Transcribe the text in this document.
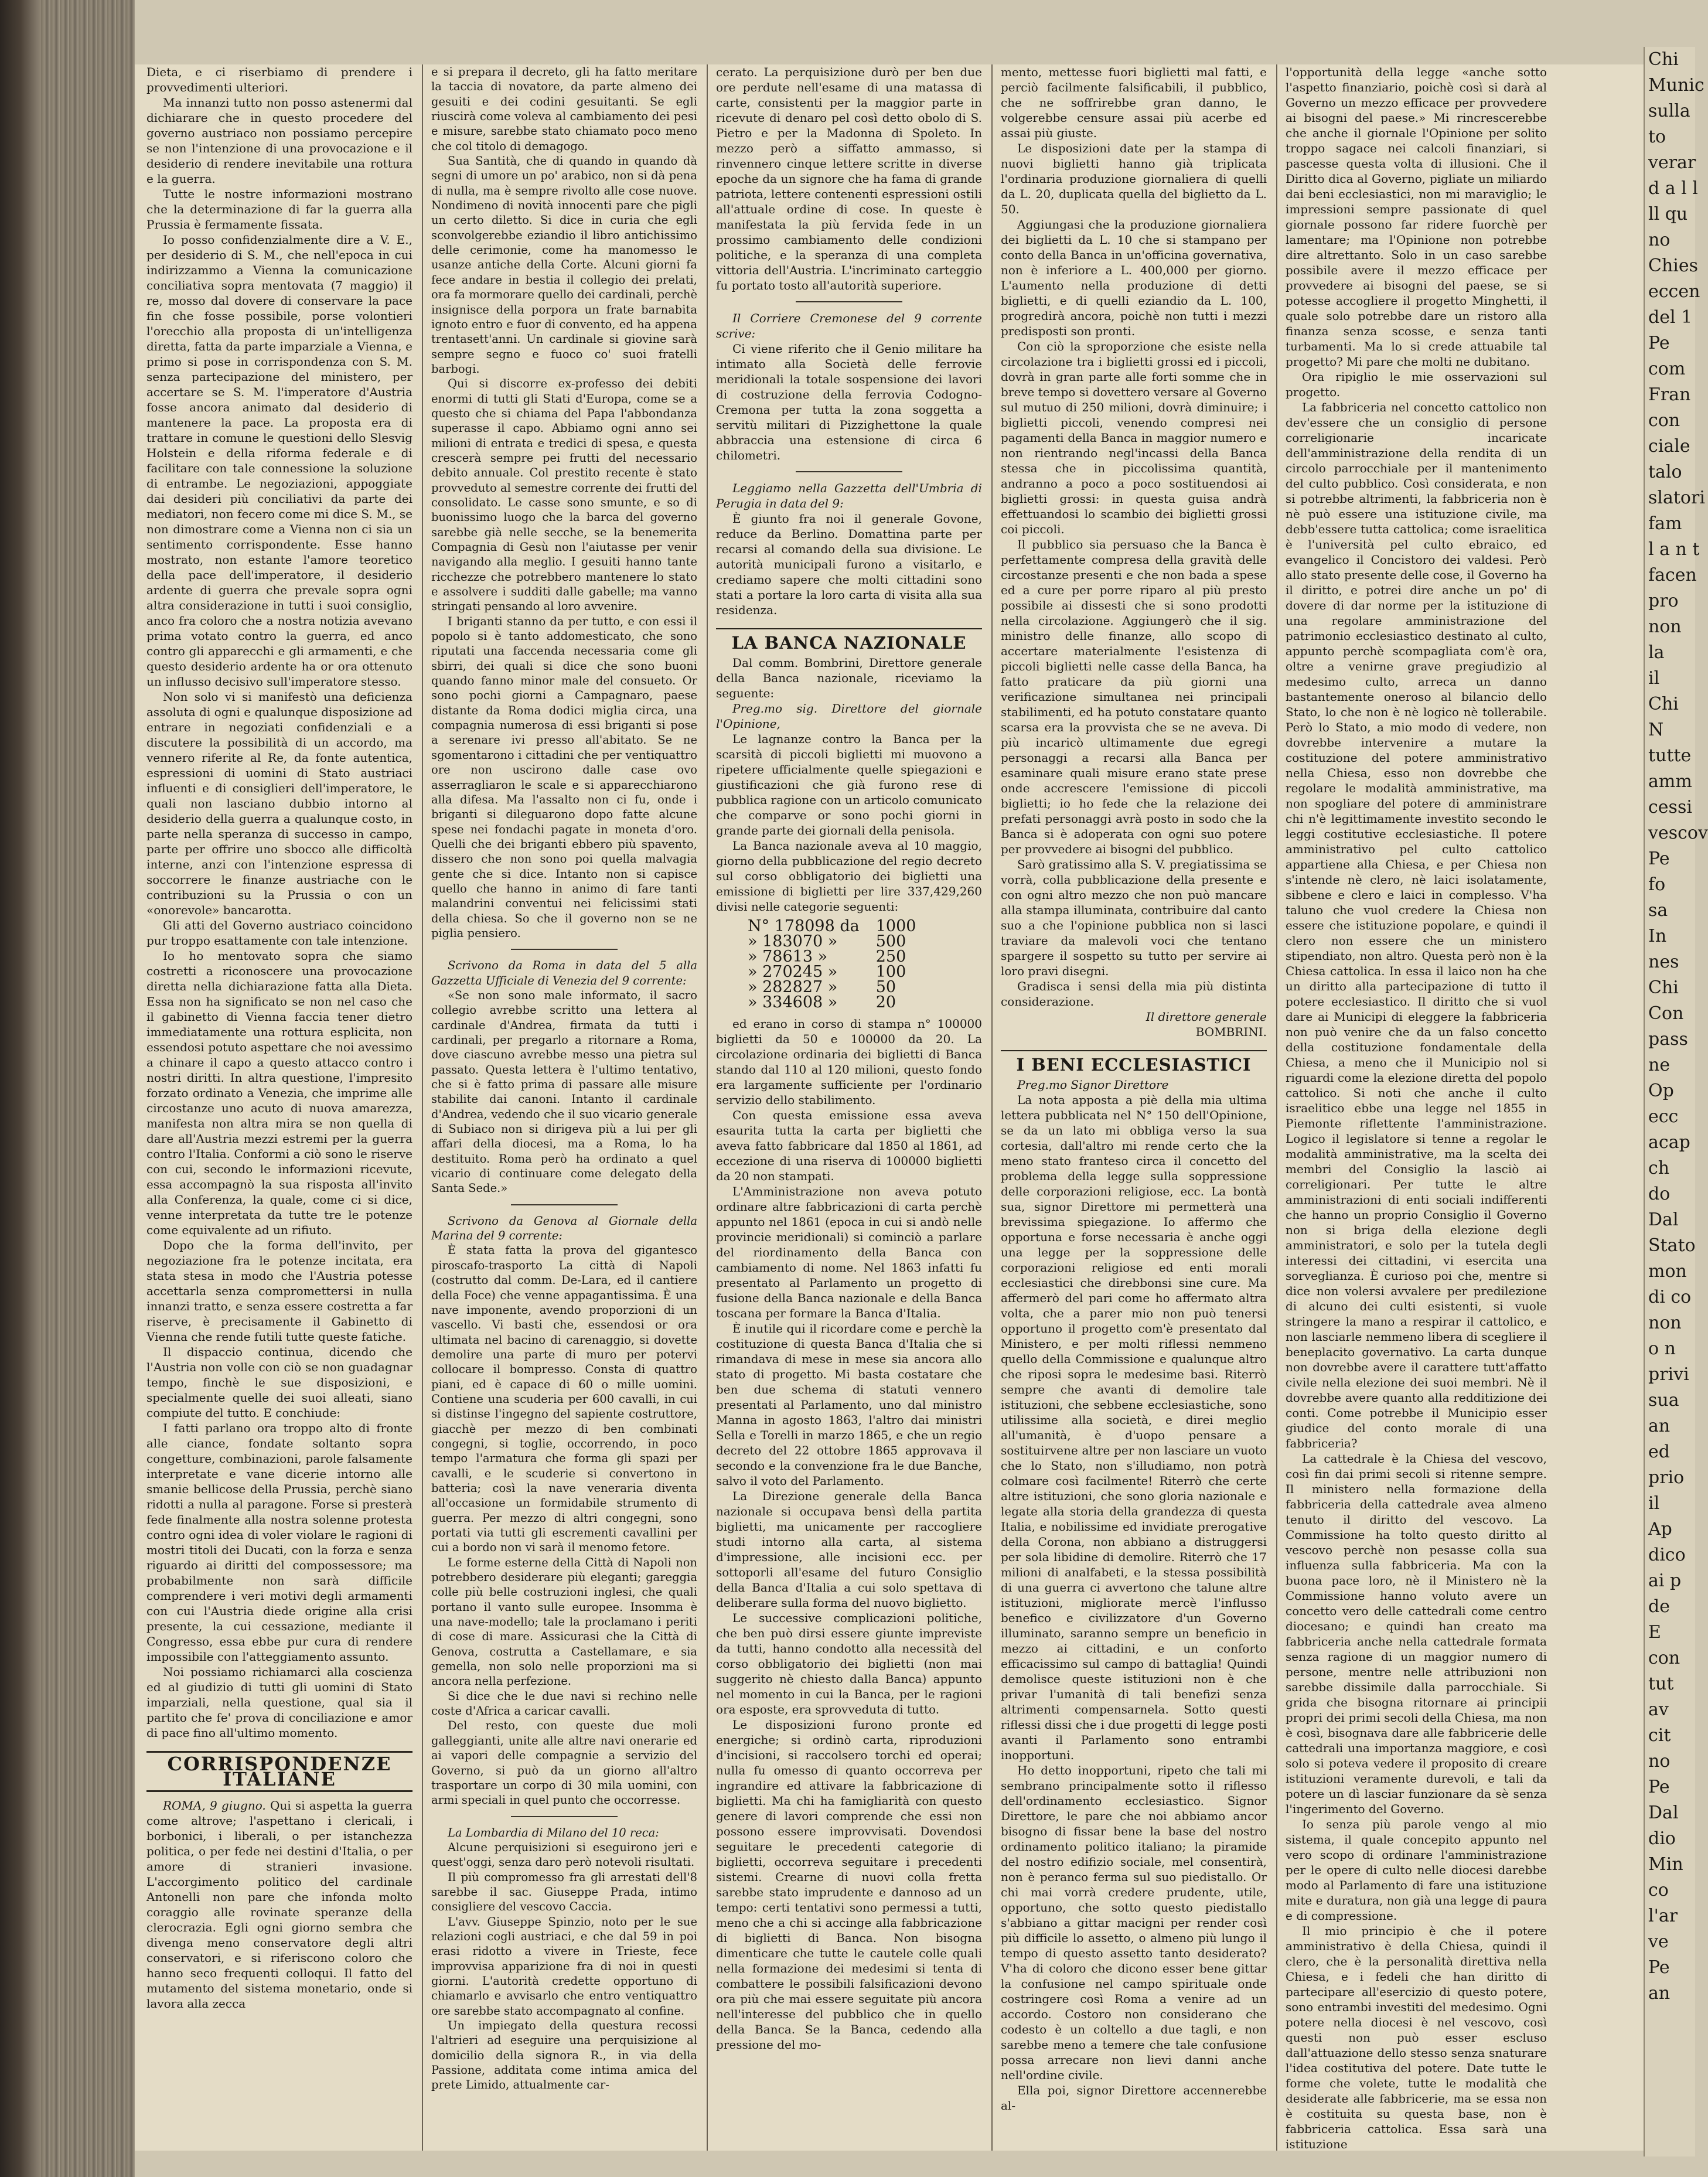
Dieta, e ci riserbiamo di prendere i provvedimenti ulteriori.

Ma innanzi tutto non posso astenermi dal dichiarare che in questo procedere del governo austriaco non possiamo percepire se non l'intenzione di una provocazione e il desiderio di rendere inevitabile una rottura e la guerra.

Tutte le nostre informazioni mostrano che la determinazione di far la guerra alla Prussia è fermamente fissata.

Io posso confidenzialmente dire a V. E., per desiderio di S. M., che nell'epoca in cui indirizzammo a Vienna la comunicazione conciliativa sopra mentovata (7 maggio) il re, mosso dal dovere di conservare la pace fin che fosse possibile, porse volontieri l'orecchio alla proposta di un'intelligenza diretta, fatta da parte imparziale a Vienna, e primo si pose in corrispondenza con S. M. senza partecipazione del ministero, per accertare se S. M. l'imperatore d'Austria fosse ancora animato dal desiderio di mantenere la pace. La proposta era di trattare in comune le questioni dello Slesvig Holstein e della riforma federale e di facilitare con tale connessione la soluzione di entrambe. Le negoziazioni, appoggiate dai desideri più conciliativi da parte dei mediatori, non fecero come mi dice S. M., se non dimostrare come a Vienna non ci sia un sentimento corrispondente. Esse hanno mostrato, non estante l'amore teoretico della pace dell'imperatore, il desiderio ardente di guerra che prevale sopra ogni altra considerazione in tutti i suoi consiglio, anco fra coloro che a nostra notizia avevano prima votato contro la guerra, ed anco contro gli apparecchi e gli armamenti, e che questo desiderio ardente ha or ora ottenuto un influsso decisivo sull'imperatore stesso.

Non solo vi si manifestò una deficienza assoluta di ogni e qualunque disposizione ad entrare in negoziati confidenziali e a discutere la possibilità di un accordo, ma vennero riferite al Re, da fonte autentica, espressioni di uomini di Stato austriaci influenti e di consiglieri dell'imperatore, le quali non lasciano dubbio intorno al desiderio della guerra a qualunque costo, in parte nella speranza di successo in campo, parte per offrire uno sbocco alle difficoltà interne, anzi con l'intenzione espressa di soccorrere le finanze austriache con le contribuzioni su la Prussia o con un «onorevole» bancarotta.

Gli atti del Governo austriaco coincidono pur troppo esattamente con tale intenzione.

Io ho mentovato sopra che siamo costretti a riconoscere una provocazione diretta nella dichiarazione fatta alla Dieta. Essa non ha significato se non nel caso che il gabinetto di Vienna faccia tener dietro immediatamente una rottura esplicita, non essendosi potuto aspettare che noi avessimo a chinare il capo a questo attacco contro i nostri diritti. In altra questione, l'impresito forzato ordinato a Venezia, che imprime alle circostanze uno acuto di nuova amarezza, manifesta non altra mira se non quella di dare all'Austria mezzi estremi per la guerra contro l'Italia. Conformi a ciò sono le riserve con cui, secondo le informazioni ricevute, essa accompagnò la sua risposta all'invito alla Conferenza, la quale, come ci si dice, venne interpretata da tutte tre le potenze come equivalente ad un rifiuto.

Dopo che la forma dell'invito, per negoziazione fra le potenze incitata, era stata stesa in modo che l'Austria potesse accettarla senza compromettersi in nulla innanzi tratto, e senza essere costretta a far riserve, è precisamente il Gabinetto di Vienna che rende futili tutte queste fatiche.

Il dispaccio continua, dicendo che l'Austria non volle con ciò se non guadagnar tempo, finchè le sue disposizioni, e specialmente quelle dei suoi alleati, siano compiute del tutto. E conchiude:

I fatti parlano ora troppo alto di fronte alle ciance, fondate soltanto sopra congetture, combinazioni, parole falsamente interpretate e vane dicerie intorno alle smanie bellicose della Prussia, perchè siano ridotti a nulla al paragone. Forse si presterà fede finalmente alla nostra solenne protesta contro ogni idea di voler violare le ragioni di mostri titoli dei Ducati, con la forza e senza riguardo ai diritti del compossessore; ma probabilmente non sarà difficile comprendere i veri motivi degli armamenti con cui l'Austria diede origine alla crisi presente, la cui cessazione, mediante il Congresso, essa ebbe pur cura di rendere impossibile con l'atteggiamento assunto.

Noi possiamo richiamarci alla coscienza ed al giudizio di tutti gli uomini di Stato imparziali, nella questione, qual sia il partito che fe' prova di conciliazione e amor di pace fino all'ultimo momento.

CORRISPONDENZE ITALIANE

ROMA, 9 giugno. Qui si aspetta la guerra come altrove; l'aspettano i clericali, i borbonici, i liberali, o per istanchezza politica, o per fede nei destini d'Italia, o per amore di stranieri invasione. L'accorgimento politico del cardinale Antonelli non pare che infonda molto coraggio alle rovinate speranze della clerocrazia. Egli ogni giorno sembra che divenga meno conservatore degli altri conservatori, e si riferiscono coloro che hanno seco frequenti colloqui. Il fatto del mutamento del sistema monetario, onde si lavora alla zecca

e si prepara il decreto, gli ha fatto meritare la taccia di novatore, da parte almeno dei gesuiti e dei codini gesuitanti. Se egli riuscirà come voleva al cambiamento dei pesi e misure, sarebbe stato chiamato poco meno che col titolo di demagogo.

Sua Santità, che di quando in quando dà segni di umore un po' arabico, non si dà pena di nulla, ma è sempre rivolto alle cose nuove. Nondimeno di novità innocenti pare che pigli un certo diletto. Si dice in curia che egli sconvolgerebbe eziandio il libro antichissimo delle cerimonie, come ha manomesso le usanze antiche della Corte. Alcuni giorni fa fece andare in bestia il collegio dei prelati, ora fa mormorare quello dei cardinali, perchè insignisce della porpora un frate barnabita ignoto entro e fuor di convento, ed ha appena trentasett'anni. Un cardinale si giovine sarà sempre segno e fuoco co' suoi fratelli barbogi.

Qui si discorre ex-professo dei debiti enormi di tutti gli Stati d'Europa, come se a questo che si chiama del Papa l'abbondanza superasse il capo. Abbiamo ogni anno sei milioni di entrata e tredici di spesa, e questa crescerà sempre pei frutti del necessario debito annuale. Col prestito recente è stato provveduto al semestre corrente dei frutti del consolidato. Le casse sono smunte, e so di buonissimo luogo che la barca del governo sarebbe già nelle secche, se la benemerita Compagnia di Gesù non l'aiutasse per venir navigando alla meglio. I gesuiti hanno tante ricchezze che potrebbero mantenere lo stato e assolvere i sudditi dalle gabelle; ma vanno stringati pensando al loro avvenire.

I briganti stanno da per tutto, e con essi il popolo si è tanto addomesticato, che sono riputati una faccenda necessaria come gli sbirri, dei quali si dice che sono buoni quando fanno minor male del consueto. Or sono pochi giorni a Campagnaro, paese distante da Roma dodici miglia circa, una compagnia numerosa di essi briganti si pose a serenare ivi presso all'abitato. Se ne sgomentarono i cittadini che per ventiquattro ore non uscirono dalle case ovo asserragliaron le scale e si apparecchiarono alla difesa. Ma l'assalto non ci fu, onde i briganti si dileguarono dopo fatte alcune spese nei fondachi pagate in moneta d'oro. Quelli che dei briganti ebbero più spavento, dissero che non sono poi quella malvagia gente che si dice. Intanto non si capisce quello che hanno in animo di fare tanti malandrini conventui nei felicissimi stati della chiesa. So che il governo non se ne piglia pensiero.

Scrivono da Roma in data del 5 alla Gazzetta Ufficiale di Venezia del 9 corrente:

«Se non sono male informato, il sacro collegio avrebbe scritto una lettera al cardinale d'Andrea, firmata da tutti i cardinali, per pregarlo a ritornare a Roma, dove ciascuno avrebbe messo una pietra sul passato. Questa lettera è l'ultimo tentativo, che si è fatto prima di passare alle misure stabilite dai canoni. Intanto il cardinale d'Andrea, vedendo che il suo vicario generale di Subiaco non si dirigeva più a lui per gli affari della diocesi, ma a Roma, lo ha destituito. Roma però ha ordinato a quel vicario di continuare come delegato della Santa Sede.»

Scrivono da Genova al Giornale della Marina del 9 corrente:

È stata fatta la prova del gigantesco piroscafo-trasporto La città di Napoli (costrutto dal comm. De-Lara, ed il cantiere della Foce) che venne appagantissima. È una nave imponente, avendo proporzioni di un vascello. Vi basti che, essendosi or ora ultimata nel bacino di carenaggio, si dovette demolire una parte di muro per potervi collocare il bompresso. Consta di quattro piani, ed è capace di 60 o mille uomini. Contiene una scuderia per 600 cavalli, in cui si distinse l'ingegno del sapiente costruttore, giacchè per mezzo di ben combinati congegni, si toglie, occorrendo, in poco tempo l'armatura che forma gli spazi per cavalli, e le scuderie si convertono in batteria; così la nave veneraria diventa all'occasione un formidabile strumento di guerra. Per mezzo di altri congegni, sono portati via tutti gli escrementi cavallini per cui a bordo non vi sarà il menomo fetore.

Le forme esterne della Città di Napoli non potrebbero desiderare più eleganti; gareggia colle più belle costruzioni inglesi, che quali portano il vanto sulle europee. Insomma è una nave-modello; tale la proclamano i periti di cose di mare. Assicurasi che la Città di Genova, costrutta a Castellamare, e sia gemella, non solo nelle proporzioni ma si ancora nella perfezione.

Si dice che le due navi si rechino nelle coste d'Africa a caricar cavalli.

Del resto, con queste due moli galleggianti, unite alle altre navi onerarie ed ai vapori delle compagnie a servizio del Governo, si può da un giorno all'altro trasportare un corpo di 30 mila uomini, con armi speciali in quel punto che occorresse.

La Lombardia di Milano del 10 reca:

Alcune perquisizioni si eseguirono jeri e quest'oggi, senza daro però notevoli risultati.

Il più compromesso fra gli arrestati dell'8 sarebbe il sac. Giuseppe Prada, intimo consigliere del vescovo Caccia.

L'avv. Giuseppe Spinzio, noto per le sue relazioni cogli austriaci, e che dal 59 in poi erasi ridotto a vivere in Trieste, fece improvvisa apparizione fra di noi in questi giorni. L'autorità credette opportuno di chiamarlo e avvisarlo che entro ventiquattro ore sarebbe stato accompagnato al confine.

Un impiegato della questura recossi l'altrieri ad eseguire una perquisizione al domicilio della signora R., in via della Passione, additata come intima amica del prete Limido, attualmente car-

cerato. La perquisizione durò per ben due ore perdute nell'esame di una matassa di carte, consistenti per la maggior parte in ricevute di denaro pel così detto obolo di S. Pietro e per la Madonna di Spoleto. In mezzo però a siffatto ammasso, si rinvennero cinque lettere scritte in diverse epoche da un signore che ha fama di grande patriota, lettere contenenti espressioni ostili all'attuale ordine di cose. In queste è manifestata la più fervida fede in un prossimo cambiamento delle condizioni politiche, e la speranza di una completa vittoria dell'Austria. L'incriminato carteggio fu portato tosto all'autorità superiore.

Il Corriere Cremonese del 9 corrente scrive:

Ci viene riferito che il Genio militare ha intimato alla Società delle ferrovie meridionali la totale sospensione dei lavori di costruzione della ferrovia Codogno-Cremona per tutta la zona soggetta a servitù militari di Pizzighettone la quale abbraccia una estensione di circa 6 chilometri.

Leggiamo nella Gazzetta dell'Umbria di Perugia in data del 9:

È giunto fra noi il generale Govone, reduce da Berlino. Domattina parte per recarsi al comando della sua divisione. Le autorità municipali furono a visitarlo, e crediamo sapere che molti cittadini sono stati a portare la loro carta di visita alla sua residenza.

LA BANCA NAZIONALE

Dal comm. Bombrini, Direttore generale della Banca nazionale, riceviamo la seguente:

Preg.mo sig. Direttore del giornale l'Opinione,

Le lagnanze contro la Banca per la scarsità di piccoli biglietti mi muovono a ripetere ufficialmente quelle spiegazioni e giustificazioni che già furono rese di pubblica ragione con un articolo comunicato che comparve or sono pochi giorni in grande parte dei giornali della penisola.

La Banca nazionale aveva al 10 maggio, giorno della pubblicazione del regio decreto sul corso obbligatorio dei biglietti una emissione di biglietti per lire 337,429,260 divisi nelle categorie seguenti:

N° 178098 da	1000
» 183070 »	500
» 78613 »	250
» 270245 »	100
» 282827 »	50
» 334608 »	20

ed erano in corso di stampa n° 100000 biglietti da 50 e 100000 da 20. La circolazione ordinaria dei biglietti di Banca stando dal 110 al 120 milioni, questo fondo era largamente sufficiente per l'ordinario servizio dello stabilimento.

Con questa emissione essa aveva esaurita tutta la carta per biglietti che aveva fatto fabbricare dal 1850 al 1861, ad eccezione di una riserva di 100000 biglietti da 20 non stampati.

L'Amministrazione non aveva potuto ordinare altre fabbricazioni di carta perchè appunto nel 1861 (epoca in cui si andò nelle provincie meridionali) si cominciò a parlare del riordinamento della Banca con cambiamento di nome. Nel 1863 infatti fu presentato al Parlamento un progetto di fusione della Banca nazionale e della Banca toscana per formare la Banca d'Italia.

È inutile qui il ricordare come e perchè la costituzione di questa Banca d'Italia che si rimandava di mese in mese sia ancora allo stato di progetto. Mi basta costatare che ben due schema di statuti vennero presentati al Parlamento, uno dal ministro Manna in agosto 1863, l'altro dai ministri Sella e Torelli in marzo 1865, e che un regio decreto del 22 ottobre 1865 approvava il secondo e la convenzione fra le due Banche, salvo il voto del Parlamento.

La Direzione generale della Banca nazionale si occupava bensì della partita biglietti, ma unicamente per raccogliere studi intorno alla carta, al sistema d'impressione, alle incisioni ecc. per sottoporli all'esame del futuro Consiglio della Banca d'Italia a cui solo spettava di deliberare sulla forma del nuovo biglietto.

Le successive complicazioni politiche, che ben può dirsi essere giunte impreviste da tutti, hanno condotto alla necessità del corso obbligatorio dei biglietti (non mai suggerito nè chiesto dalla Banca) appunto nel momento in cui la Banca, per le ragioni ora esposte, era sprovveduta di tutto.

Le disposizioni furono pronte ed energiche; si ordinò carta, riproduzioni d'incisioni, si raccolsero torchi ed operai; nulla fu omesso di quanto occorreva per ingrandire ed attivare la fabbricazione di biglietti. Ma chi ha famigliarità con questo genere di lavori comprende che essi non possono essere improvvisati. Dovendosi seguitare le precedenti categorie di biglietti, occorreva seguitare i precedenti sistemi. Crearne di nuovi colla fretta sarebbe stato imprudente e dannoso ad un tempo: certi tentativi sono permessi a tutti, meno che a chi si accinge alla fabbricazione di biglietti di Banca. Non bisogna dimenticare che tutte le cautele colle quali nella formazione dei medesimi si tenta di combattere le possibili falsificazioni devono ora più che mai essere seguitate più ancora nell'interesse del pubblico che in quello della Banca. Se la Banca, cedendo alla pressione del mo-

mento, mettesse fuori biglietti mal fatti, e perciò facilmente falsificabili, il pubblico, che ne soffrirebbe gran danno, le volgerebbe censure assai più acerbe ed assai più giuste.

Le disposizioni date per la stampa di nuovi biglietti hanno già triplicata l'ordinaria produzione giornaliera di quelli da L. 20, duplicata quella del biglietto da L. 50.

Aggiungasi che la produzione giornaliera dei biglietti da L. 10 che si stampano per conto della Banca in un'officina governativa, non è inferiore a L. 400,000 per giorno. L'aumento nella produzione di detti biglietti, e di quelli eziandio da L. 100, progredirà ancora, poichè non tutti i mezzi predisposti son pronti.

Con ciò la sproporzione che esiste nella circolazione tra i biglietti grossi ed i piccoli, dovrà in gran parte alle forti somme che in breve tempo si dovettero versare al Governo sul mutuo di 250 milioni, dovrà diminuire; i biglietti piccoli, venendo compresi nei pagamenti della Banca in maggior numero e non rientrando negl'incassi della Banca stessa che in piccolissima quantità, andranno a poco a poco sostituendosi ai biglietti grossi: in questa guisa andrà effettuandosi lo scambio dei biglietti grossi coi piccoli.

Il pubblico sia persuaso che la Banca è perfettamente compresa della gravità delle circostanze presenti e che non bada a spese ed a cure per porre riparo al più presto possibile ai dissesti che si sono prodotti nella circolazione. Aggiungerò che il sig. ministro delle finanze, allo scopo di accertare materialmente l'esistenza di piccoli biglietti nelle casse della Banca, ha fatto praticare da più giorni una verificazione simultanea nei principali stabilimenti, ed ha potuto constatare quanto scarsa era la provvista che se ne aveva. Di più incaricò ultimamente due egregi personaggi a recarsi alla Banca per esaminare quali misure erano state prese onde accrescere l'emissione di piccoli biglietti; io ho fede che la relazione dei prefati personaggi avrà posto in sodo che la Banca si è adoperata con ogni suo potere per provvedere ai bisogni del pubblico.

Sarò gratissimo alla S. V. pregiatissima se vorrà, colla pubblicazione della presente e con ogni altro mezzo che non può mancare alla stampa illuminata, contribuire dal canto suo a che l'opinione pubblica non si lasci traviare da malevoli voci che tentano spargere il sospetto su tutto per servire ai loro pravi disegni.

Gradisca i sensi della mia più distinta considerazione.

Il direttore generale

BOMBRINI.

I BENI ECCLESIASTICI

Preg.mo Signor Direttore

La nota apposta a piè della mia ultima lettera pubblicata nel N° 150 dell'Opinione, se da un lato mi obbliga verso la sua cortesia, dall'altro mi rende certo che la meno stato franteso circa il concetto del problema della legge sulla soppressione delle corporazioni religiose, ecc. La bontà sua, signor Direttore mi permetterà una brevissima spiegazione. Io affermo che opportuna e forse necessaria è anche oggi una legge per la soppressione delle corporazioni religiose ed enti morali ecclesiastici che direbbonsi sine cure. Ma affermerò del pari come ho affermato altra volta, che a parer mio non può tenersi opportuno il progetto com'è presentato dal Ministero, e per molti riflessi nemmeno quello della Commissione e qualunque altro che riposi sopra le medesime basi. Riterrò sempre che avanti di demolire tale istituzioni, che sebbene ecclesiastiche, sono utilissime alla società, e direi meglio all'umanità, è d'uopo pensare a sostituirvene altre per non lasciare un vuoto che lo Stato, non s'illudiamo, non potrà colmare così facilmente! Riterrò che certe altre istituzioni, che sono gloria nazionale e legate alla storia della grandezza di questa Italia, e nobilissime ed invidiate prerogative della Corona, non abbiano a distruggersi per sola libidine di demolire. Riterrò che 17 milioni di analfabeti, e la stessa possibilità di una guerra ci avvertono che talune altre istituzioni, migliorate mercè l'influsso benefico e civilizzatore d'un Governo illuminato, saranno sempre un beneficio in mezzo ai cittadini, e un conforto efficacissimo sul campo di battaglia! Quindi demolisce queste istituzioni non è che privar l'umanità di tali benefizi senza altrimenti compensarnela. Sotto questi riflessi dissi che i due progetti di legge posti avanti il Parlamento sono entrambi inopportuni.

Ho detto inopportuni, ripeto che tali mi sembrano principalmente sotto il riflesso dell'ordinamento ecclesiastico. Signor Direttore, le pare che noi abbiamo ancor bisogno di fissar bene la base del nostro ordinamento politico italiano; la piramide del nostro edifizio sociale, mel consentirà, non è peranco ferma sul suo piedistallo. Or chi mai vorrà credere prudente, utile, opportuno, che sotto questo piedistallo s'abbiano a gittar macigni per render così più difficile lo assetto, o almeno più lungo il tempo di questo assetto tanto desiderato? V'ha di coloro che dicono esser bene gittar la confusione nel campo spirituale onde costringere così Roma a venire ad un accordo. Costoro non considerano che codesto è un coltello a due tagli, e non sarebbe meno a temere che tale confusione possa arrecare non lievi danni anche nell'ordine civile.

Ella poi, signor Direttore accennerebbe al-

l'opportunità della legge «anche sotto l'aspetto finanziario, poichè così si darà al Governo un mezzo efficace per provvedere ai bisogni del paese.» Mi rincrescerebbe che anche il giornale l'Opinione per solito troppo sagace nei calcoli finanziari, si pascesse questa volta di illusioni. Che il Diritto dica al Governo, pigliate un miliardo dai beni ecclesiastici, non mi maraviglio; le impressioni sempre passionate di quel giornale possono far ridere fuorchè per lamentare; ma l'Opinione non potrebbe dire altrettanto. Solo in un caso sarebbe possibile avere il mezzo efficace per provvedere ai bisogni del paese, se si potesse accogliere il progetto Minghetti, il quale solo potrebbe dare un ristoro alla finanza senza scosse, e senza tanti turbamenti. Ma lo si crede attuabile tal progetto? Mi pare che molti ne dubitano.

Ora ripiglio le mie osservazioni sul progetto.

La fabbriceria nel concetto cattolico non dev'essere che un consiglio di persone correligionarie incaricate dell'amministrazione della rendita di un circolo parrocchiale per il mantenimento del culto pubblico. Così considerata, e non si potrebbe altrimenti, la fabbriceria non è nè può essere una istituzione civile, ma debb'essere tutta cattolica; come israelitica è l'università pel culto ebraico, ed evangelico il Concistoro dei valdesi. Però allo stato presente delle cose, il Governo ha il diritto, e potrei dire anche un po' di dovere di dar norme per la istituzione di una regolare amministrazione del patrimonio ecclesiastico destinato al culto, appunto perchè scompagliata com'è ora, oltre a venirne grave pregiudizio al medesimo culto, arreca un danno bastantemente oneroso al bilancio dello Stato, lo che non è nè logico nè tollerabile. Però lo Stato, a mio modo di vedere, non dovrebbe intervenire a mutare la costituzione del potere amministrativo nella Chiesa, esso non dovrebbe che regolare le modalità amministrative, ma non spogliare del potere di amministrare chi n'è legittimamente investito secondo le leggi costitutive ecclesiastiche. Il potere amministrativo pel culto cattolico appartiene alla Chiesa, e per Chiesa non s'intende nè clero, nè laici isolatamente, sibbene e clero e laici in complesso. V'ha taluno che vuol credere la Chiesa non essere che istituzione popolare, e quindi il clero non essere che un ministero stipendiato, non altro. Questa però non è la Chiesa cattolica. In essa il laico non ha che un diritto alla partecipazione di tutto il potere ecclesiastico. Il diritto che si vuol dare ai Municipi di eleggere la fabbriceria non può venire che da un falso concetto della costituzione fondamentale della Chiesa, a meno che il Municipio nol si riguardi come la elezione diretta del popolo cattolico. Si noti che anche il culto israelitico ebbe una legge nel 1855 in Piemonte riflettente l'amministrazione. Logico il legislatore si tenne a regolar le modalità amministrative, ma la scelta dei membri del Consiglio la lasciò ai correligionari. Per tutte le altre amministrazioni di enti sociali indifferenti che hanno un proprio Consiglio il Governo non si briga della elezione degli amministratori, e solo per la tutela degli interessi dei cittadini, vi esercita una sorveglianza. È curioso poi che, mentre si dice non volersi avvalere per predilezione di alcuno dei culti esistenti, si vuole stringere la mano a respirar il cattolico, e non lasciarle nemmeno libera di scegliere il beneplacito governativo. La carta dunque non dovrebbe avere il carattere tutt'affatto civile nella elezione dei suoi membri. Nè il dovrebbe avere quanto alla redditizione dei conti. Come potrebbe il Municipio esser giudice del conto morale di una fabbriceria?

La cattedrale è la Chiesa del vescovo, così fin dai primi secoli si ritenne sempre. Il ministero nella formazione della fabbriceria della cattedrale avea almeno tenuto il diritto del vescovo. La Commissione ha tolto questo diritto al vescovo perchè non pesasse colla sua influenza sulla fabbriceria. Ma con la buona pace loro, nè il Ministero nè la Commissione hanno voluto avere un concetto vero delle cattedrali come centro diocesano; e quindi han creato ma fabbriceria anche nella cattedrale formata senza ragione di un maggior numero di persone, mentre nelle attribuzioni non sarebbe dissimile dalla parrocchiale. Si grida che bisogna ritornare ai principii propri dei primi secoli della Chiesa, ma non è così, bisognava dare alle fabbricerie delle cattedrali una importanza maggiore, e così solo si poteva vedere il proposito di creare istituzioni veramente durevoli, e tali da potere un dì lasciar funzionare da sè senza l'ingerimento del Governo.

Io senza più parole vengo al mio sistema, il quale concepito appunto nel vero scopo di ordinare l'amministrazione per le opere di culto nelle diocesi darebbe modo al Parlamento di fare una istituzione mite e duratura, non già una legge di paura e di compressione.

Il mio principio è che il potere amministrativo è della Chiesa, quindi il clero, che è la personalità direttiva nella Chiesa, e i fedeli che han diritto di partecipare all'esercizio di questo potere, sono entrambi investiti del medesimo. Ogni potere nella diocesi è nel vescovo, così questi non può esser escluso dall'attuazione dello stesso senza snaturare l'idea costitutiva del potere. Date tutte le forme che volete, tutte le modalità che desiderate alle fabbricerie, ma se essa non è costituita su questa base, non è fabbriceria cattolica. Essa sarà una istituzione

Chi
Munic
sulla
to
verar
d a l l
ll qu
no
Chies
eccen
del 1
Pe
com
Fran
con
ciale
talo
slatori
fam
l a n t
facen
pro
non
la
il
Chi
N
tutte
amm
cessi
vescov
Pe
fo
sa
In
nes
Chi
Con
pass
ne
Op
ecc
acap
ch
do
Dal
Stato
mon
di co
non
o n
privi
sua
an
ed
prio
il
Ap
dico
ai p
de
E
con
tut
av
cit
no
Pe
Dal
dio
Min
co
l'ar
ve
Pe
an
